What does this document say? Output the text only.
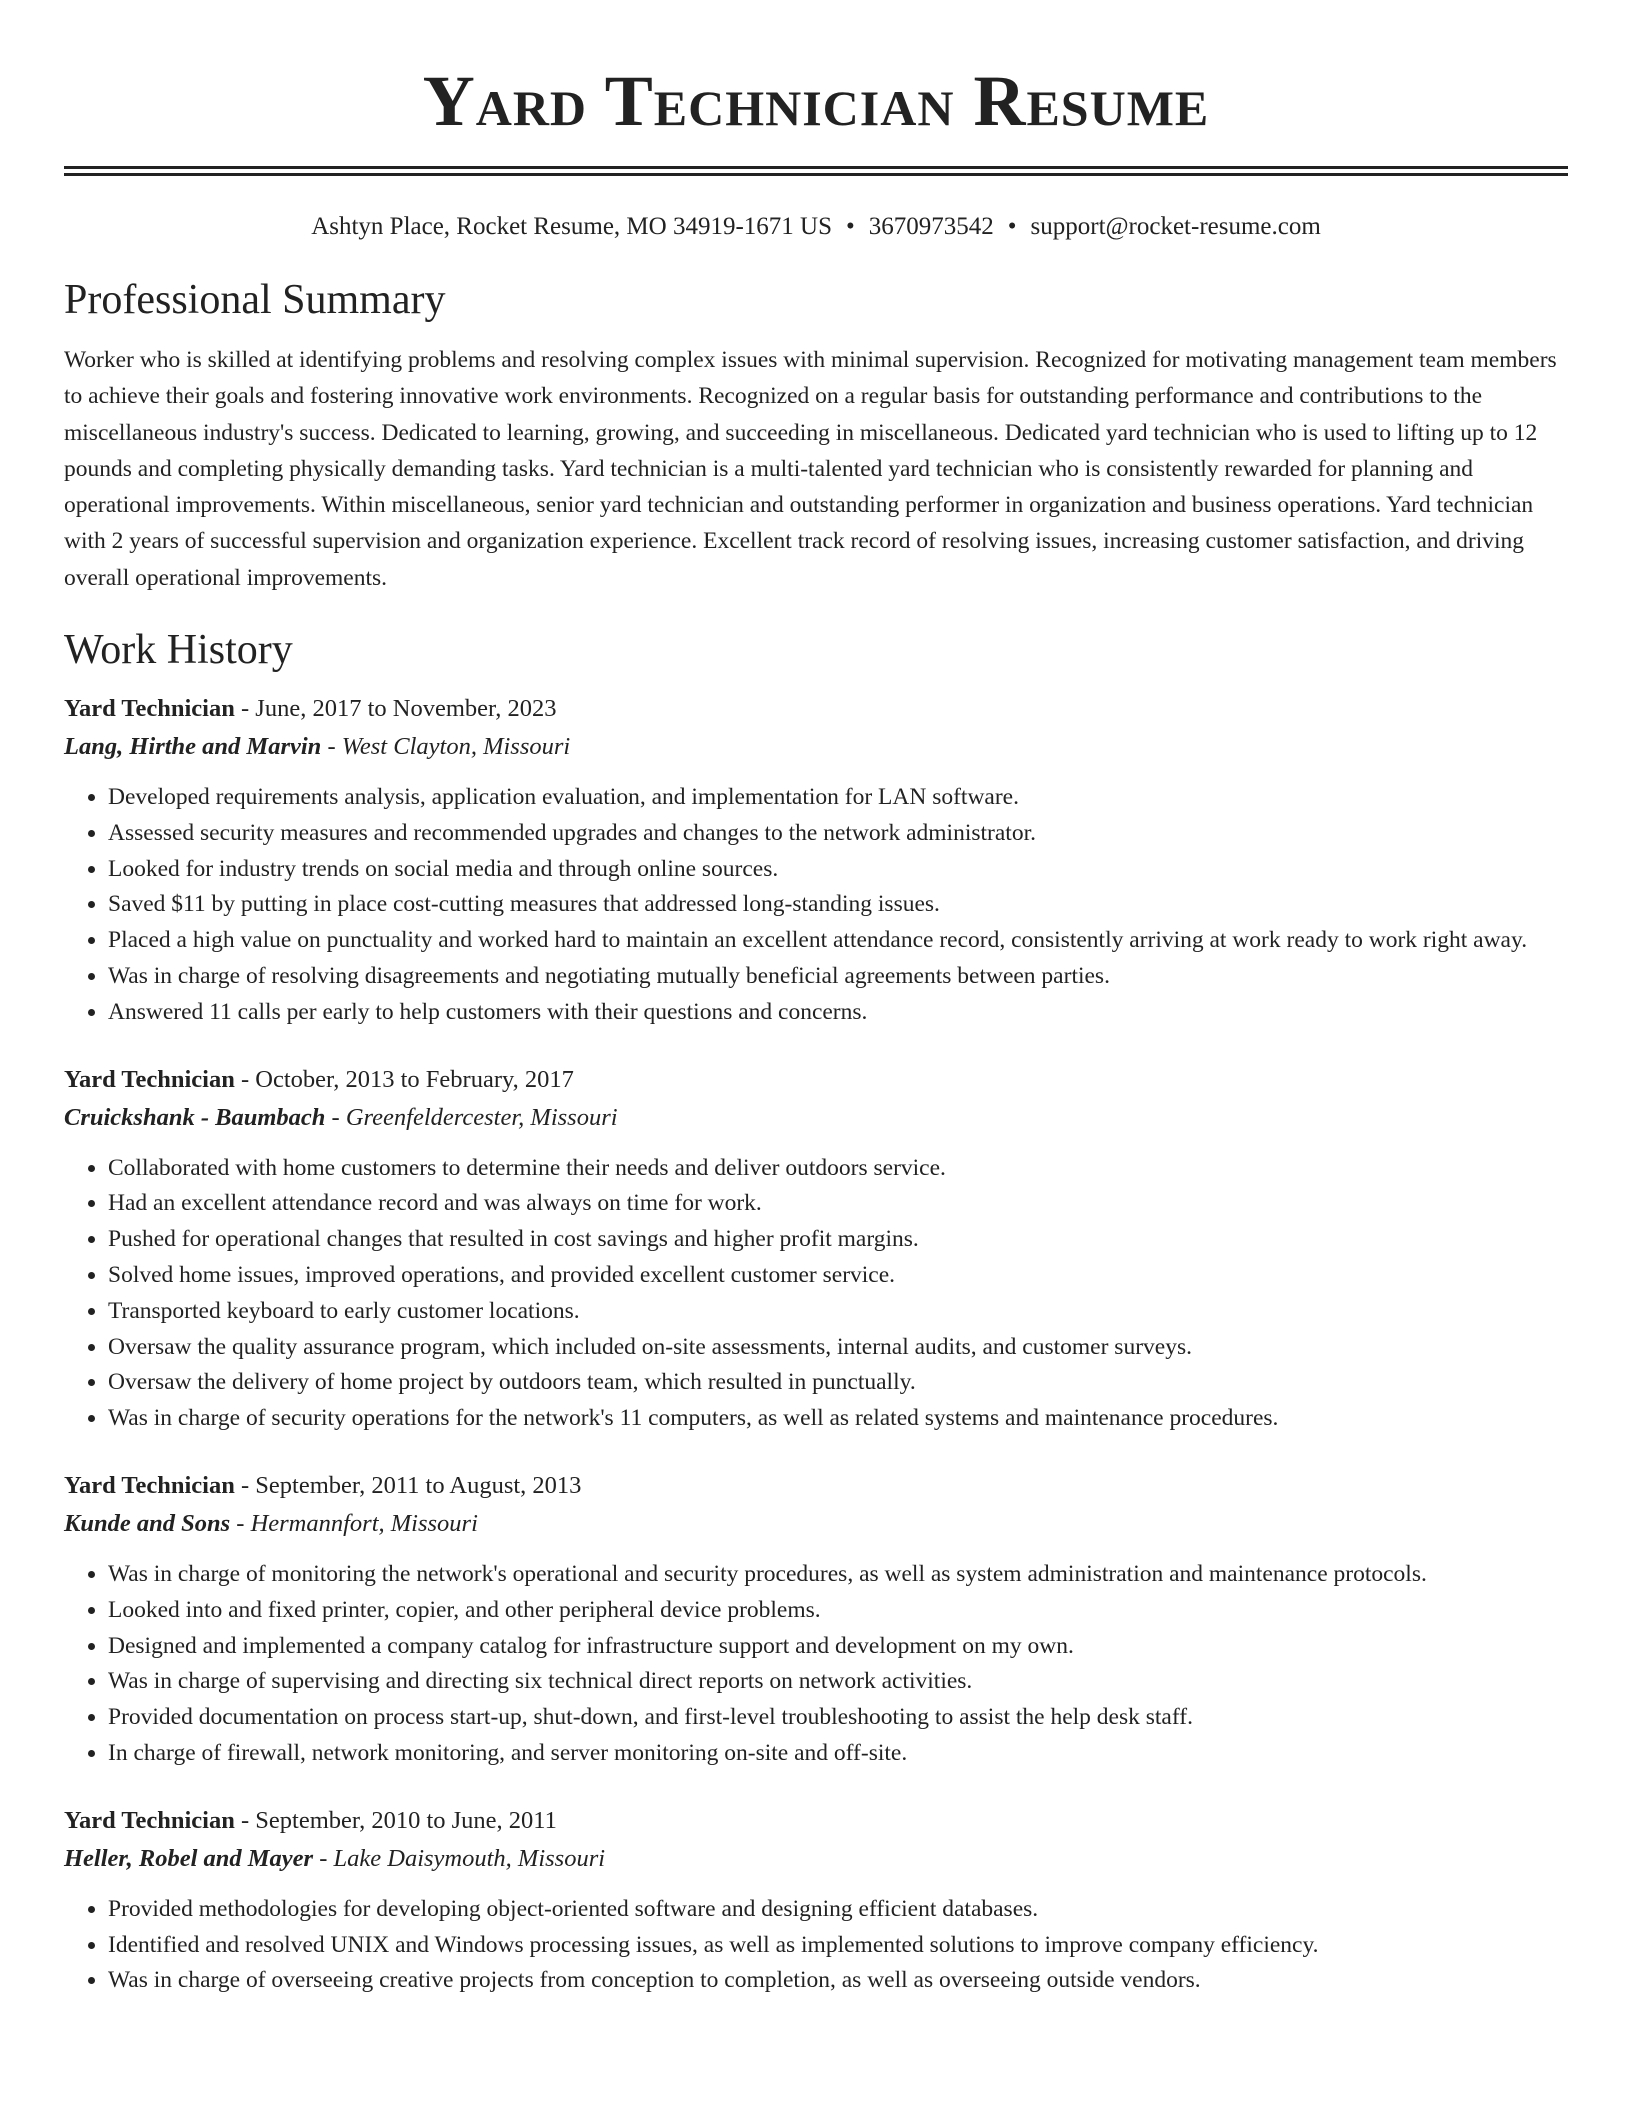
Yard Technician Resume
Ashtyn Place, Rocket Resume, MO 34919-1671 US • 3670973542 • support@rocket-resume.com
Professional Summary

Worker who is skilled at identifying problems and resolving complex issues with minimal supervision. Recognized for motivating management team members to achieve their goals and fostering innovative work environments. Recognized on a regular basis for outstanding performance and contributions to the miscellaneous industry's success. Dedicated to learning, growing, and succeeding in miscellaneous. Dedicated yard technician who is used to lifting up to 12 pounds and completing physically demanding tasks. Yard technician is a multi-talented yard technician who is consistently rewarded for planning and operational improvements. Within miscellaneous, senior yard technician and outstanding performer in organization and business operations. Yard technician with 2 years of successful supervision and organization experience. Excellent track record of resolving issues, increasing customer satisfaction, and driving overall operational improvements.

Work History
Yard Technician - June, 2017 to November, 2023
Lang, Hirthe and Marvin - West Clayton, Missouri
• Developed requirements analysis, application evaluation, and implementation for LAN software.
• Assessed security measures and recommended upgrades and changes to the network administrator.
• Looked for industry trends on social media and through online sources.
• Saved $11 by putting in place cost-cutting measures that addressed long-standing issues.
• Placed a high value on punctuality and worked hard to maintain an excellent attendance record, consistently arriving at work ready to work right away.
• Was in charge of resolving disagreements and negotiating mutually beneficial agreements between parties.
• Answered 11 calls per early to help customers with their questions and concerns.
Yard Technician - October, 2013 to February, 2017
Cruickshank - Baumbach - Greenfeldercester, Missouri
• Collaborated with home customers to determine their needs and deliver outdoors service.
• Had an excellent attendance record and was always on time for work.
• Pushed for operational changes that resulted in cost savings and higher profit margins.
• Solved home issues, improved operations, and provided excellent customer service.
• Transported keyboard to early customer locations.
• Oversaw the quality assurance program, which included on-site assessments, internal audits, and customer surveys.
• Oversaw the delivery of home project by outdoors team, which resulted in punctually.
• Was in charge of security operations for the network's 11 computers, as well as related systems and maintenance procedures.
Yard Technician - September, 2011 to August, 2013
Kunde and Sons - Hermannfort, Missouri
• Was in charge of monitoring the network's operational and security procedures, as well as system administration and maintenance protocols.
• Looked into and fixed printer, copier, and other peripheral device problems.
• Designed and implemented a company catalog for infrastructure support and development on my own.
• Was in charge of supervising and directing six technical direct reports on network activities.
• Provided documentation on process start-up, shut-down, and first-level troubleshooting to assist the help desk staff.
• In charge of firewall, network monitoring, and server monitoring on-site and off-site.
Yard Technician - September, 2010 to June, 2011
Heller, Robel and Mayer - Lake Daisymouth, Missouri
• Provided methodologies for developing object-oriented software and designing efficient databases.
• Identified and resolved UNIX and Windows processing issues, as well as implemented solutions to improve company efficiency.
• Was in charge of overseeing creative projects from conception to completion, as well as overseeing outside vendors.
